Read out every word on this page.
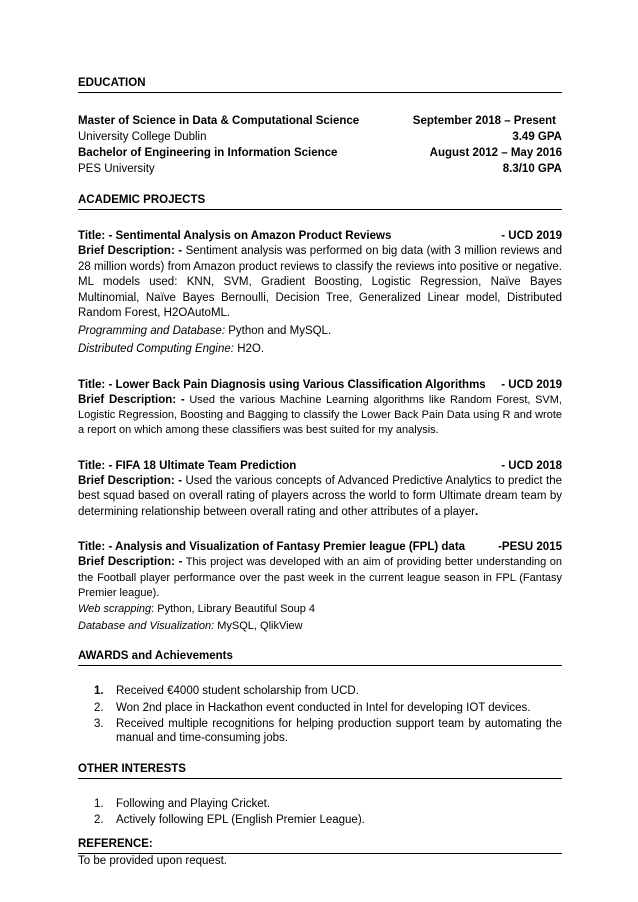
EDUCATION
Master of Science in Data & Computational Science	September 2018 – Present
University College Dublin	3.49 GPA
Bachelor of Engineering in Information Science	August 2012 – May 2016
PES University	8.3/10 GPA
ACADEMIC PROJECTS
Title: - Sentimental Analysis on Amazon Product Reviews	- UCD 2019
Brief Description: - Sentiment analysis was performed on big data (with 3 million reviews and 28 million words) from Amazon product reviews to classify the reviews into positive or negative. ML models used: KNN, SVM, Gradient Boosting, Logistic Regression, Naïve Bayes Multinomial, Naïve Bayes Bernoulli, Decision Tree, Generalized Linear model, Distributed Random Forest, H2OAutoML.
Programming and Database: Python and MySQL.
Distributed Computing Engine: H2O.
Title: - Lower Back Pain Diagnosis using Various Classification Algorithms - UCD 2019
Brief Description: - Used the various Machine Learning algorithms like Random Forest, SVM, Logistic Regression, Boosting and Bagging to classify the Lower Back Pain Data using R and wrote a report on which among these classifiers was best suited for my analysis.
Title: - FIFA 18 Ultimate Team Prediction	- UCD 2018
Brief Description: - Used the various concepts of Advanced Predictive Analytics to predict the best squad based on overall rating of players across the world to form Ultimate dream team by determining relationship between overall rating and other attributes of a player.
Title: - Analysis and Visualization of Fantasy Premier league (FPL) data	-PESU 2015
Brief Description: - This project was developed with an aim of providing better understanding on the Football player performance over the past week in the current league season in FPL (Fantasy Premier league).
Web scrapping: Python, Library Beautiful Soup 4
Database and Visualization: MySQL, QlikView
AWARDS and Achievements
1.	Received €4000 student scholarship from UCD.
2.	Won 2nd place in Hackathon event conducted in Intel for developing IOT devices.
3.	Received multiple recognitions for helping production support team by automating the manual and time-consuming jobs.
OTHER INTERESTS
1.	Following and Playing Cricket.
2.	Actively following EPL (English Premier League).
REFERENCE:
To be provided upon request.
